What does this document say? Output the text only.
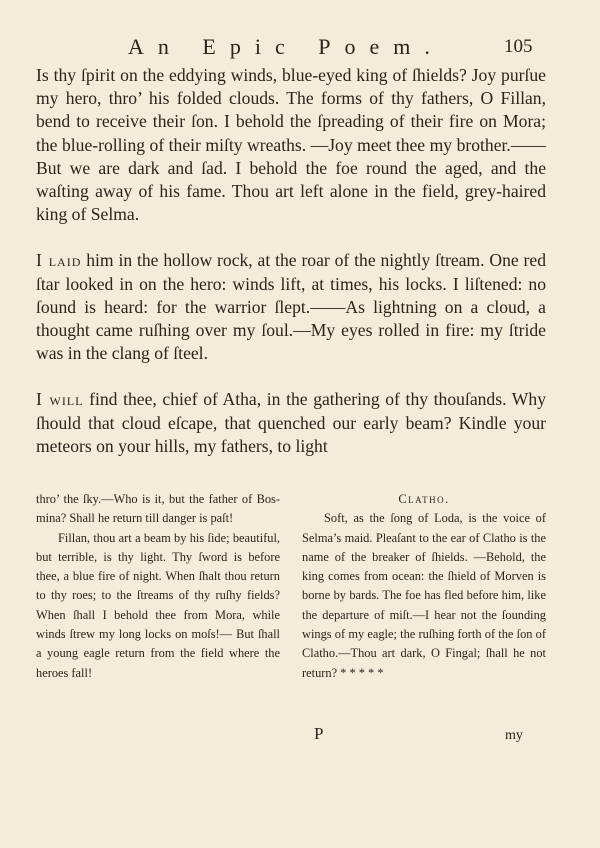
An Epic Poem.	105

Is thy ſpirit on the eddying winds, blue-eyed king of ſhields? Joy purſue my hero, thro’ his folded clouds. The forms of thy fathers, O Fillan, bend to receive their ſon. I behold the ſpreading of their fire on Mora; the blue-rolling of their miſty wreaths. —Joy meet thee my brother.——But we are dark and ſad. I behold the foe round the aged, and the waſting away of his fame. Thou art left alone in the field, grey-haired king of Selma.

I laid him in the hollow rock, at the roar of the nightly ſtream. One red ſtar looked in on the hero: winds lift, at times, his locks. I liſtened: no ſound is heard: for the warrior ſlept.——As lightning on a cloud, a thought came ruſhing over my ſoul.—My eyes rolled in fire: my ſtride was in the clang of ſteel.

I will find thee, chief of Atha, in the gathering of thy thouſands. Why ſhould that cloud eſcape, that quenched our early beam? Kindle your meteors on your hills, my fathers, to light

thro’ the ſky.—Who is it, but the father of Bos-mina? Shall he return till danger is paſt!

Fillan, thou art a beam by his ſide; beautiful, but terrible, is thy light. Thy ſword is before thee, a blue fire of night. When ſhalt thou return to thy roes; to the ſtreams of thy ruſhy fields? When ſhall I behold thee from Mora, while winds ſtrew my long locks on moſs!— But ſhall a young eagle return from the field where the heroes fall!

Clatho.

Soft, as the ſong of Loda, is the voice of Selma’s maid. Pleaſant to the ear of Clatho is the name of the breaker of ſhields. —Behold, the king comes from ocean: the ſhield of Morven is borne by bards. The foe has fled before him, like the departure of miſt.—I hear not the ſounding wings of my eagle; the ruſhing forth of the ſon of Clatho.—Thou art dark, O Fingal; ſhall he not return? * * * * *

P	my
